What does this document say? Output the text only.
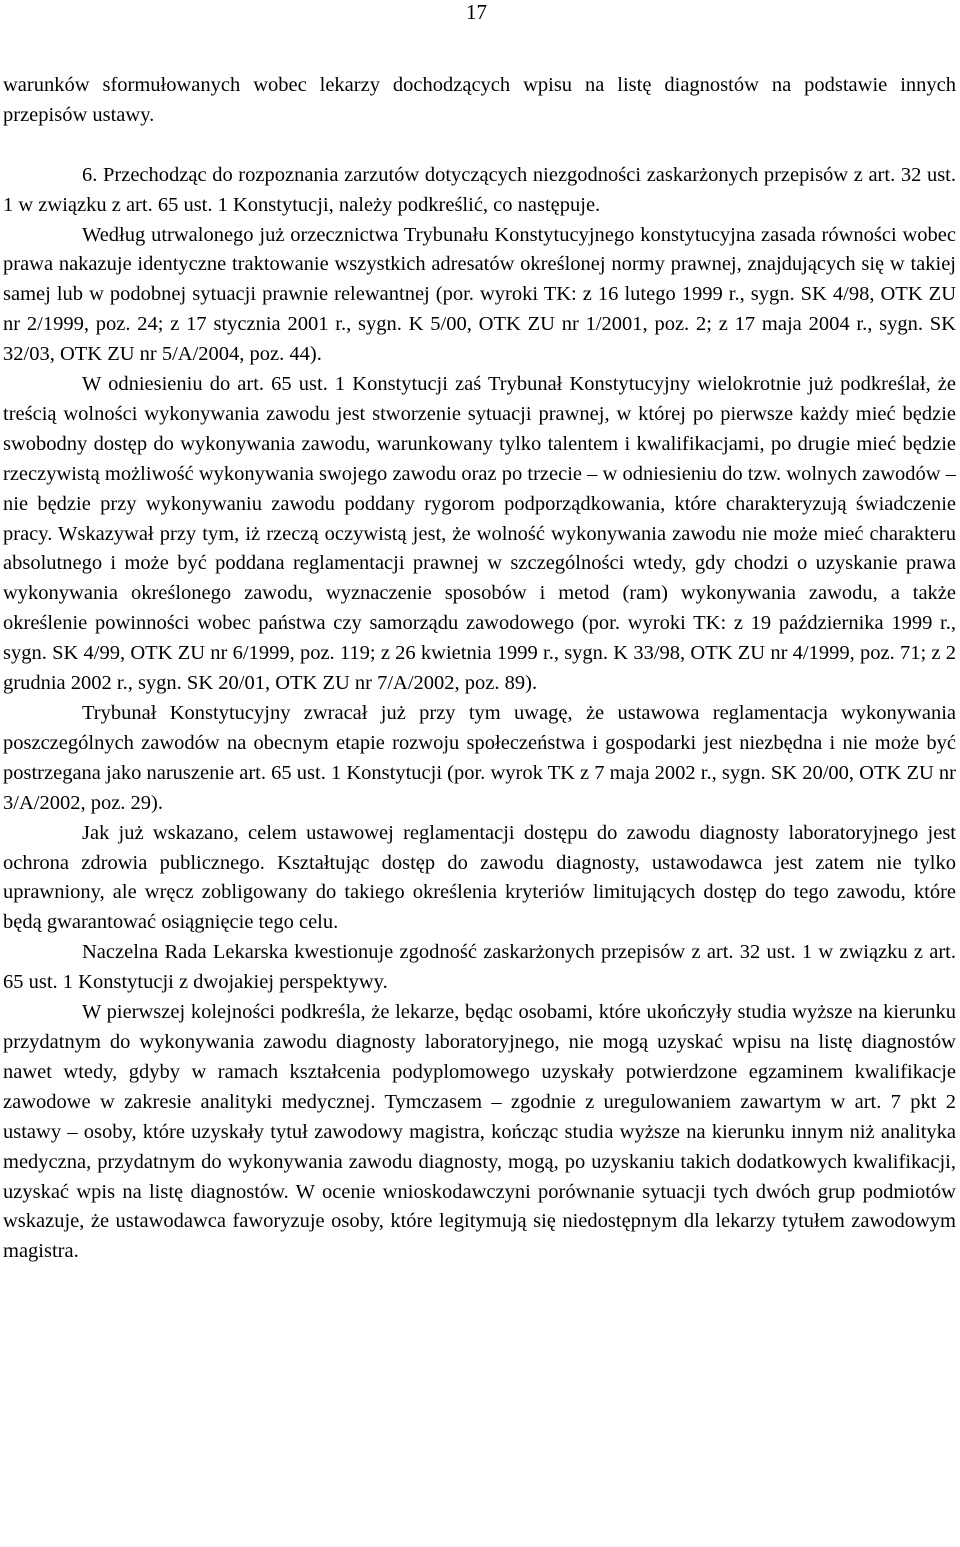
17

warunków sformułowanych wobec lekarzy dochodzących wpisu na listę diagnostów na podstawie innych przepisów ustawy.

6. Przechodząc do rozpoznania zarzutów dotyczących niezgodności zaskarżonych przepisów z art. 32 ust. 1 w związku z art. 65 ust. 1 Konstytucji, należy podkreślić, co następuje.

Według utrwalonego już orzecznictwa Trybunału Konstytucyjnego konstytucyjna zasada równości wobec prawa nakazuje identyczne traktowanie wszystkich adresatów określonej normy prawnej, znajdujących się w takiej samej lub w podobnej sytuacji prawnie relewantnej (por. wyroki TK: z 16 lutego 1999 r., sygn. SK 4/98, OTK ZU nr 2/1999, poz. 24; z 17 stycznia 2001 r., sygn. K 5/00, OTK ZU nr 1/2001, poz. 2; z 17 maja 2004 r., sygn. SK 32/03, OTK ZU nr 5/A/2004, poz. 44).

W odniesieniu do art. 65 ust. 1 Konstytucji zaś Trybunał Konstytucyjny wielokrotnie już podkreślał, że treścią wolności wykonywania zawodu jest stworzenie sytuacji prawnej, w której po pierwsze każdy mieć będzie swobodny dostęp do wykonywania zawodu, warunkowany tylko talentem i kwalifikacjami, po drugie mieć będzie rzeczywistą możliwość wykonywania swojego zawodu oraz po trzecie – w odniesieniu do tzw. wolnych zawodów – nie będzie przy wykonywaniu zawodu poddany rygorom podporządkowania, które charakteryzują świadczenie pracy. Wskazywał przy tym, iż rzeczą oczywistą jest, że wolność wykonywania zawodu nie może mieć charakteru absolutnego i może być poddana reglamentacji prawnej w szczególności wtedy, gdy chodzi o uzyskanie prawa wykonywania określonego zawodu, wyznaczenie sposobów i metod (ram) wykonywania zawodu, a także określenie powinności wobec państwa czy samorządu zawodowego (por. wyroki TK: z 19 października 1999 r., sygn. SK 4/99, OTK ZU nr 6/1999, poz. 119; z 26 kwietnia 1999 r., sygn. K 33/98, OTK ZU nr 4/1999, poz. 71; z 2 grudnia 2002 r., sygn. SK 20/01, OTK ZU nr 7/A/2002, poz. 89).

Trybunał Konstytucyjny zwracał już przy tym uwagę, że ustawowa reglamentacja wykonywania poszczególnych zawodów na obecnym etapie rozwoju społeczeństwa i gospodarki jest niezbędna i nie może być postrzegana jako naruszenie art. 65 ust. 1 Konstytucji (por. wyrok TK z 7 maja 2002 r., sygn. SK 20/00, OTK ZU nr 3/A/2002, poz. 29).

Jak już wskazano, celem ustawowej reglamentacji dostępu do zawodu diagnosty laboratoryjnego jest ochrona zdrowia publicznego. Kształtując dostęp do zawodu diagnosty, ustawodawca jest zatem nie tylko uprawniony, ale wręcz zobligowany do takiego określenia kryteriów limitujących dostęp do tego zawodu, które będą gwarantować osiągnięcie tego celu.

Naczelna Rada Lekarska kwestionuje zgodność zaskarżonych przepisów z art. 32 ust. 1 w związku z art. 65 ust. 1 Konstytucji z dwojakiej perspektywy.

W pierwszej kolejności podkreśla, że lekarze, będąc osobami, które ukończyły studia wyższe na kierunku przydatnym do wykonywania zawodu diagnosty laboratoryjnego, nie mogą uzyskać wpisu na listę diagnostów nawet wtedy, gdyby w ramach kształcenia podyplomowego uzyskały potwierdzone egzaminem kwalifikacje zawodowe w zakresie analityki medycznej. Tymczasem – zgodnie z uregulowaniem zawartym w art. 7 pkt 2 ustawy – osoby, które uzyskały tytuł zawodowy magistra, kończąc studia wyższe na kierunku innym niż analityka medyczna, przydatnym do wykonywania zawodu diagnosty, mogą, po uzyskaniu takich dodatkowych kwalifikacji, uzyskać wpis na listę diagnostów. W ocenie wnioskodawczyni porównanie sytuacji tych dwóch grup podmiotów wskazuje, że ustawodawca faworyzuje osoby, które legitymują się niedostępnym dla lekarzy tytułem zawodowym magistra.
